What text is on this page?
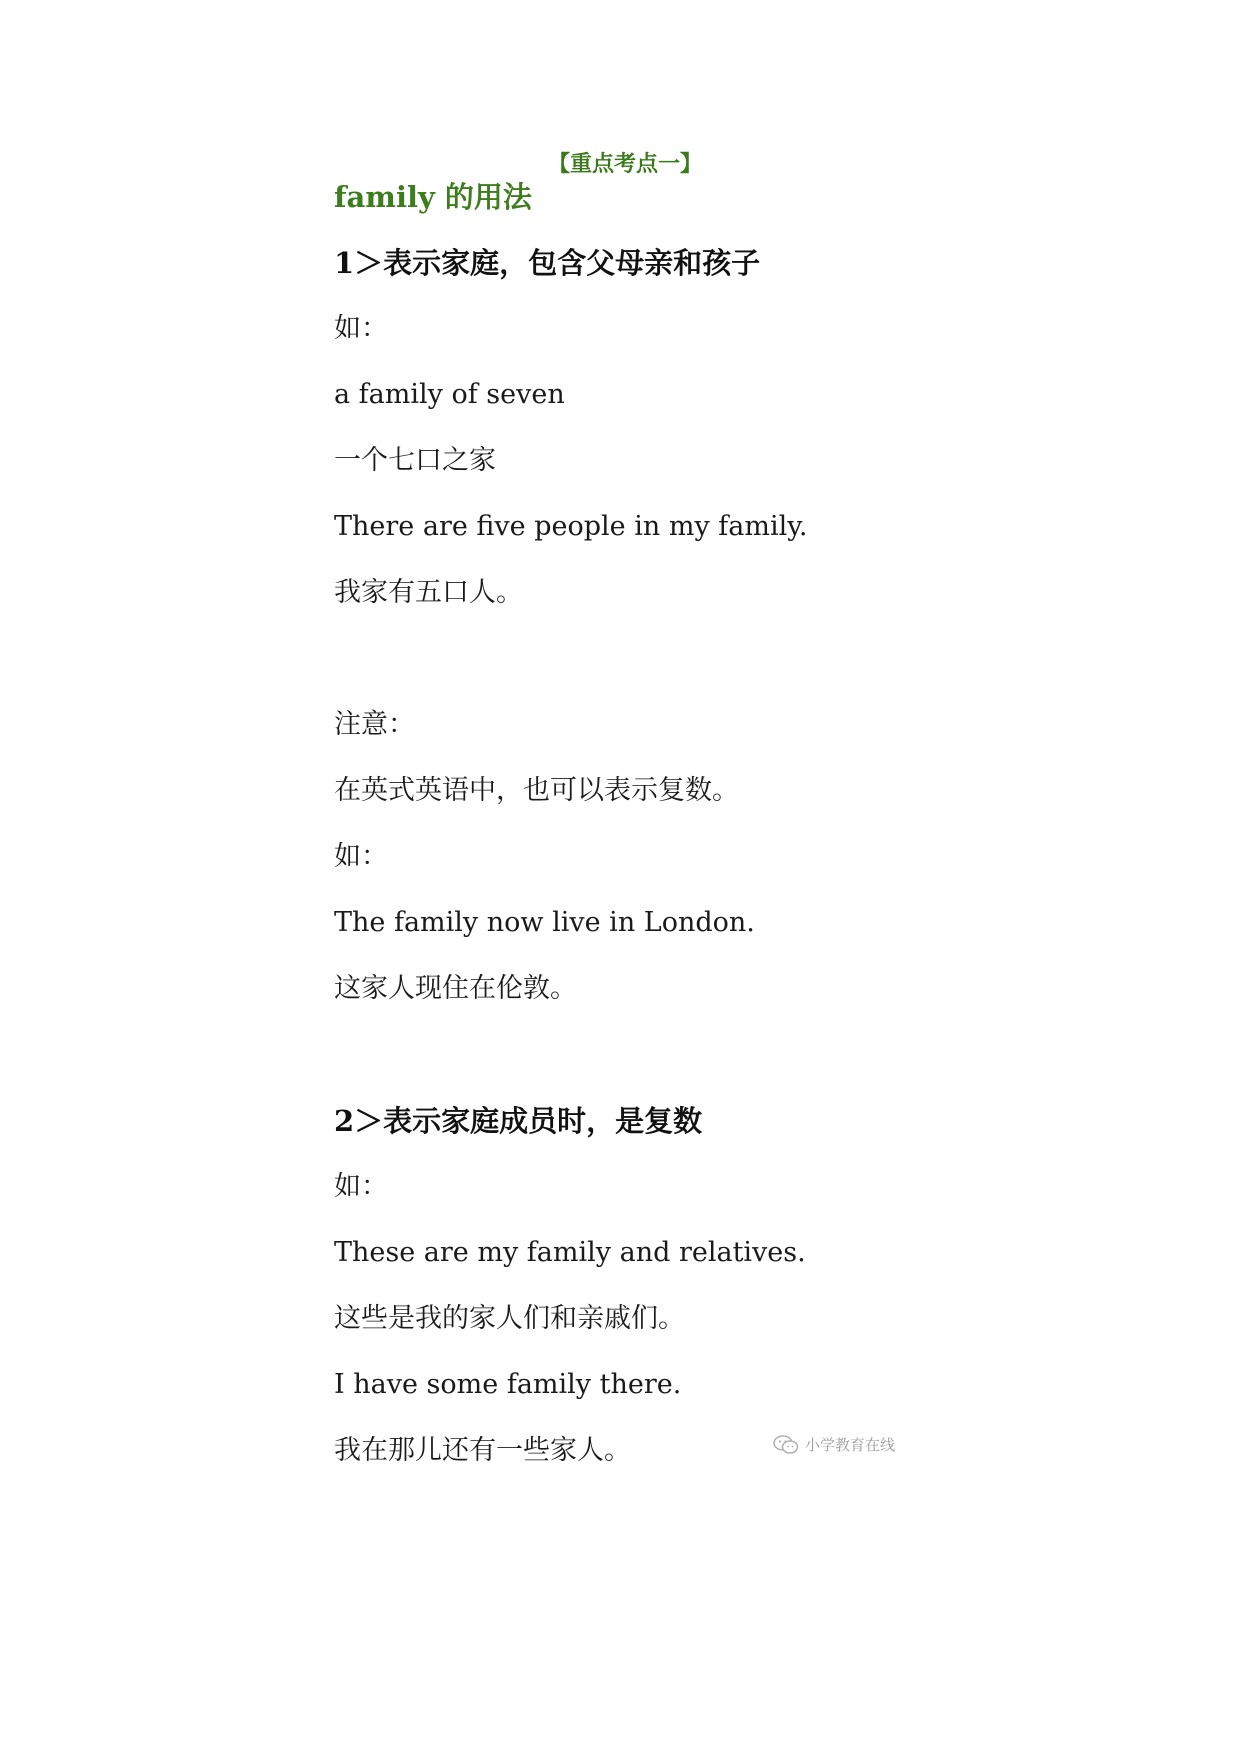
【重点考点一】
family 的用法
1＞表示家庭，包含父母亲和孩子
如：
a family of seven
一个七口之家
There are five people in my family.
我家有五口人。
注意：
在英式英语中，也可以表示复数。
如：
The family now live in London.
这家人现住在伦敦。
2＞表示家庭成员时，是复数
如：
These are my family and relatives.
这些是我的家人们和亲戚们。
I have some family there.
我在那儿还有一些家人。	小学教育在线
